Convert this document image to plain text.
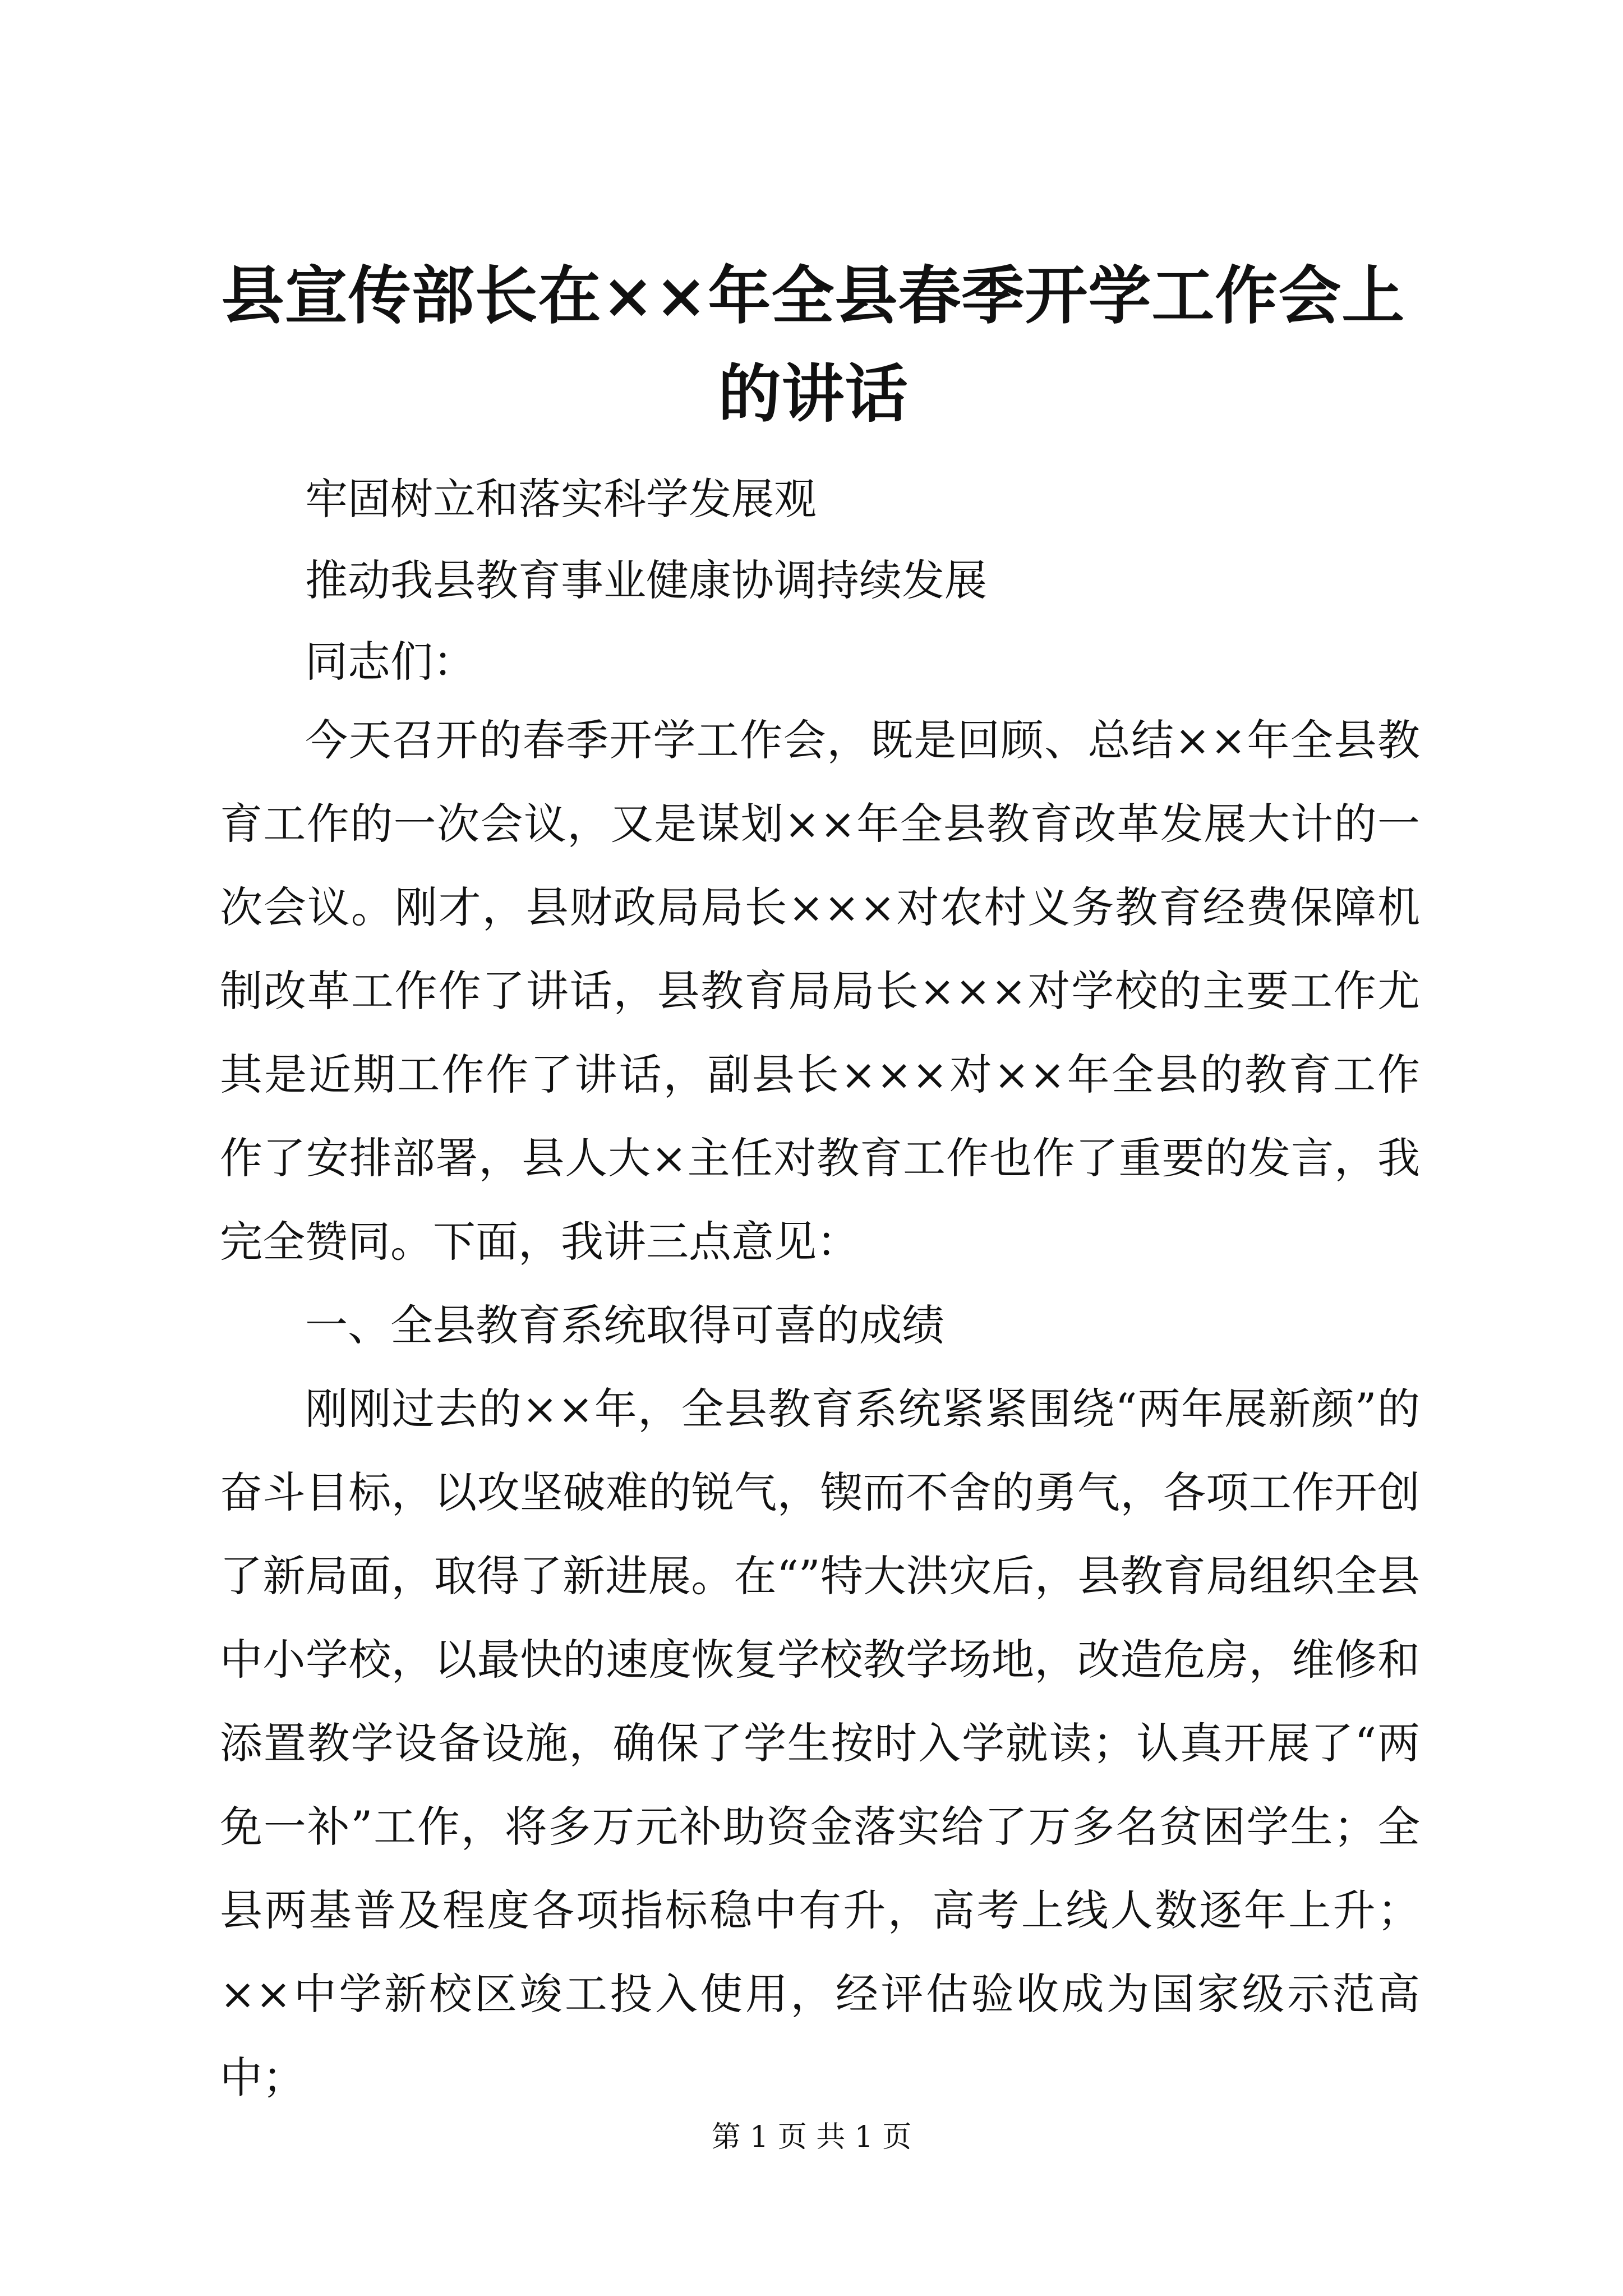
县宣传部长在××年全县春季开学工作会上的讲话

牢固树立和落实科学发展观

推动我县教育事业健康协调持续发展

同志们：

今天召开的春季开学工作会，既是回顾、总结××年全县教育工作的一次会议，又是谋划××年全县教育改革发展大计的一次会议。刚才，县财政局局长×××对农村义务教育经费保障机制改革工作作了讲话，县教育局局长×××对学校的主要工作尤其是近期工作作了讲话，副县长×××对××年全县的教育工作作了安排部署，县人大×主任对教育工作也作了重要的发言，我完全赞同。下面，我讲三点意见：

一、全县教育系统取得可喜的成绩

刚刚过去的××年，全县教育系统紧紧围绕“两年展新颜”的奋斗目标，以攻坚破难的锐气，锲而不舍的勇气，各项工作开创了新局面，取得了新进展。在“”特大洪灾后，县教育局组织全县中小学校，以最快的速度恢复学校教学场地，改造危房，维修和添置教学设备设施，确保了学生按时入学就读；认真开展了“两免一补”工作，将多万元补助资金落实给了万多名贫困学生；全县两基普及程度各项指标稳中有升，高考上线人数逐年上升；××中学新校区竣工投入使用，经评估验收成为国家级示范高中；

第 1 页 共 1 页
